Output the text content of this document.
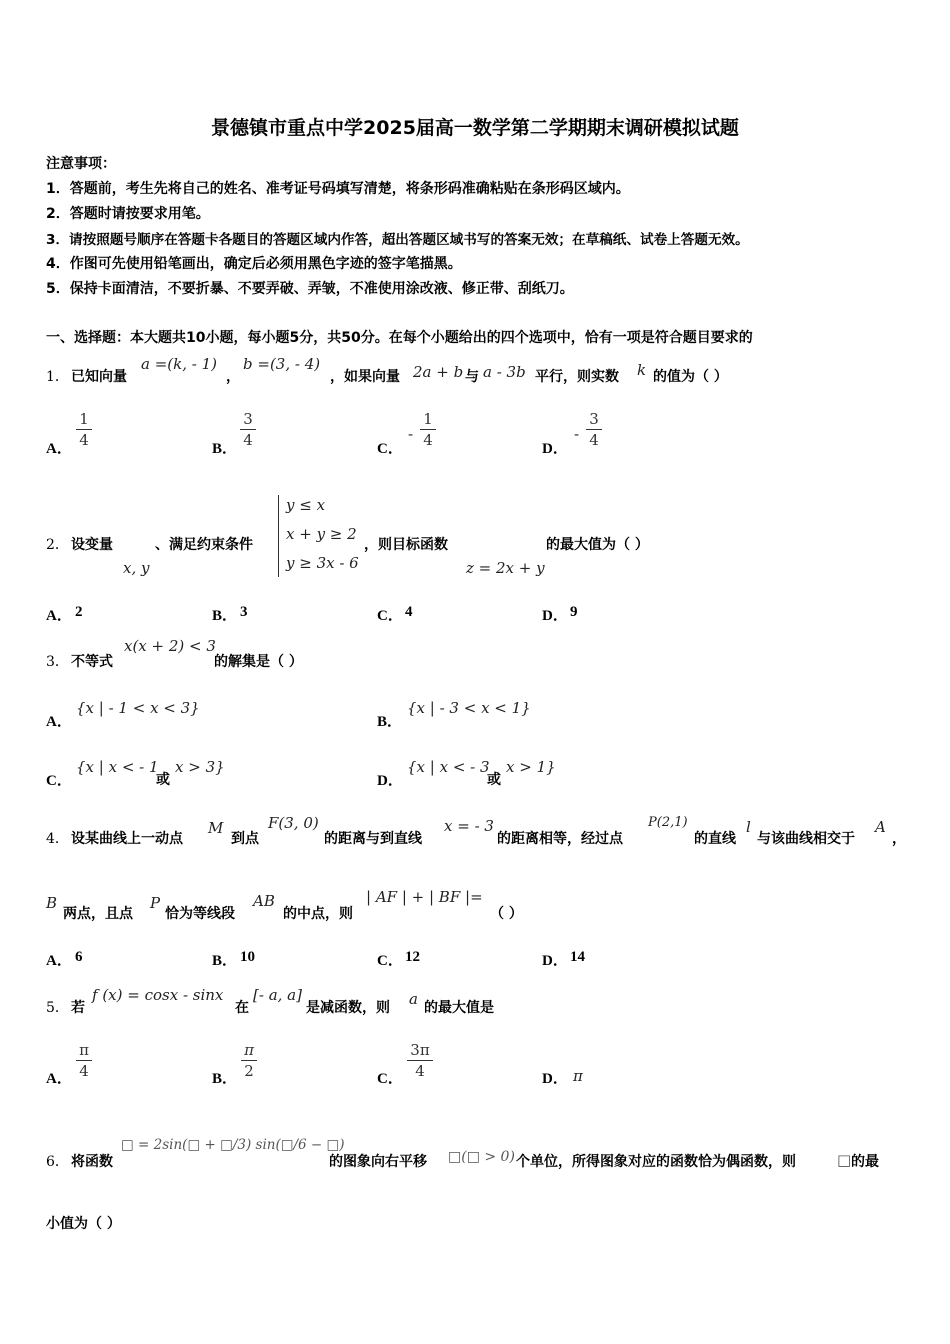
景德镇市重点中学2025届高一数学第二学期期末调研模拟试题
注意事项：
1．答题前，考生先将自己的姓名、准考证号码填写清楚，将条形码准确粘贴在条形码区域内。
2．答题时请按要求用笔。
3．请按照题号顺序在答题卡各题目的答题区域内作答，超出答题区域书写的答案无效；在草稿纸、试卷上答题无效。
4．作图可先使用铅笔画出，确定后必须用黑色字迹的签字笔描黑。
5．保持卡面清洁，不要折暴、不要弄破、弄皱，不准使用涂改液、修正带、刮纸刀。
一、选择题：本大题共10小题，每小题5分，共50分。在每个小题给出的四个选项中，恰有一项是符合题目要求的
1． 已知向量
a =(k, - 1)
，
b =(3, - 4)
，如果向量 2a + b 与 a - 3b 平行，则实数 k 的值为（ ）
A．
1
4	B．
3
4	C．
-
1
4	D．
-
3
4
2． 设变量
x, y
、满足约束条件
y ≤ x
x + y ≥ 2
y ≥ 3x - 6
，则目标函数
z = 2x + y
的最大值为（ ）
A． 2	B． 3	C． 4	D． 9
3． 不等式
x(x + 2) < 3
的解集是（ ）
A．
{x | - 1 < x < 3}
B．
{x | - 3 < x < 1}
C．
{x | x < - 1
或
x > 3}
D．
{x | x < - 3
或
x > 1}
4． 设某曲线上一动点
M
到点
F(3, 0)
的距离与到直线
x = - 3
的距离相等，经过点
P(2,1)
的直线
l
与该曲线相交于
A
，
B
两点，且点
P
恰为等线段
AB
的中点，则
| AF | + | BF |=
（ ）
A． 6	B． 10	C． 12	D． 14
5． 若
f (x) = cosx - sinx
在
[- a, a]
是减函数，则 a 的最大值是
A．
π
4	B．
π
2	C．
3π
4	D． π
6． 将函数
□ = 2sin(□ + □/3) sin(□/6 − □)
的图象向右平移 □(□ > 0) 个单位，所得图象对应的函数恰为偶函数，则	□ 的最
小值为（ ）
